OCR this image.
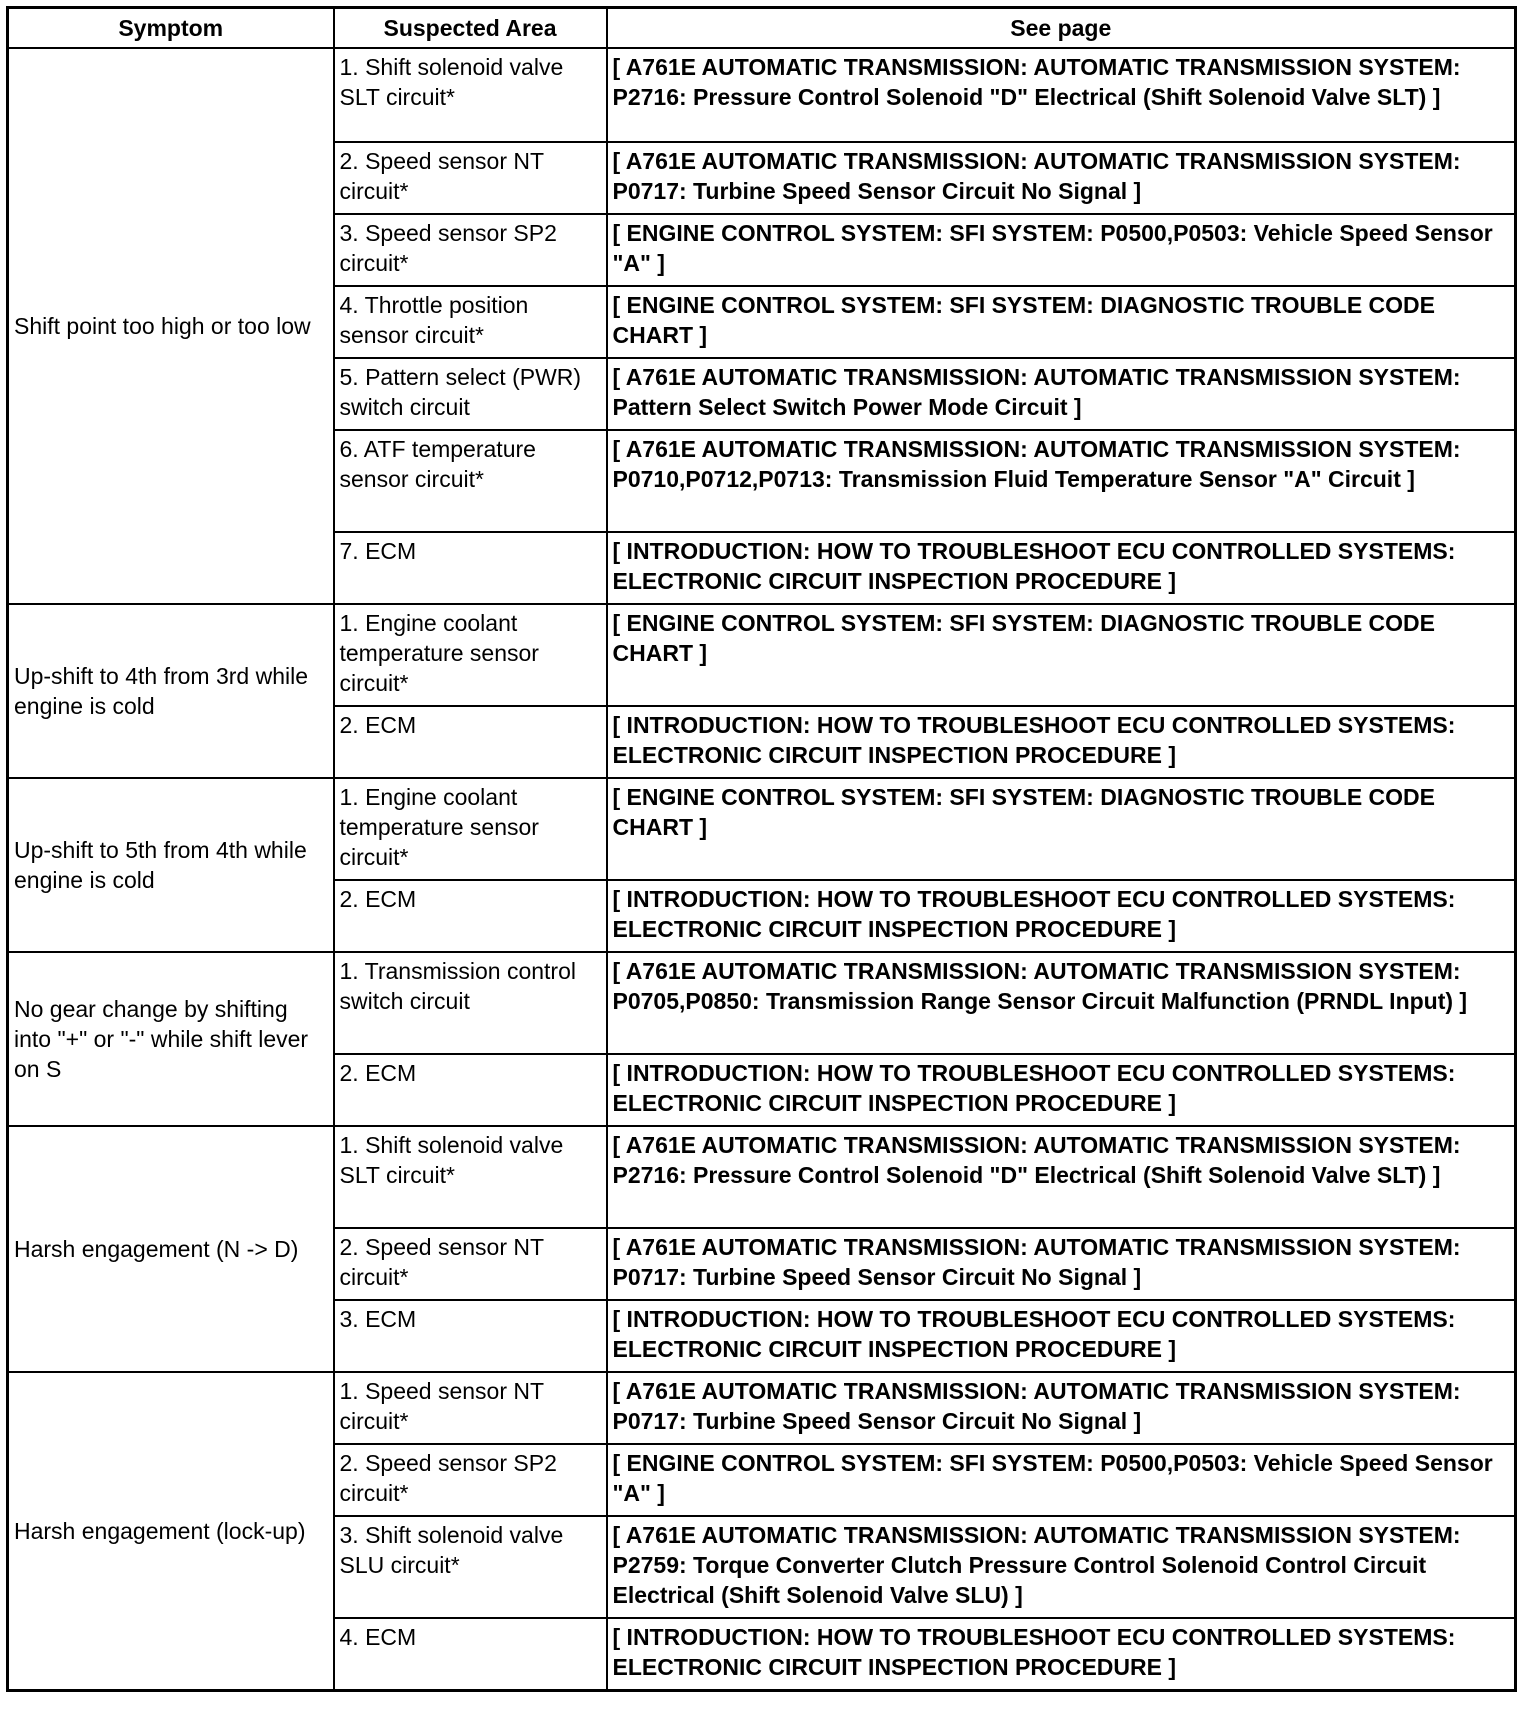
Symptom	Suspected Area	See page
Shift point too high or too low	1. Shift solenoid valve SLT circuit*	[ A761E AUTOMATIC TRANSMISSION: AUTOMATIC TRANSMISSION SYSTEM: P2716: Pressure Control Solenoid "D" Electrical (Shift Solenoid Valve SLT) ]
	2. Speed sensor NT circuit*	[ A761E AUTOMATIC TRANSMISSION: AUTOMATIC TRANSMISSION SYSTEM: P0717: Turbine Speed Sensor Circuit No Signal ]
	3. Speed sensor SP2 circuit*	[ ENGINE CONTROL SYSTEM: SFI SYSTEM: P0500,P0503: Vehicle Speed Sensor "A" ]
	4. Throttle position sensor circuit*	[ ENGINE CONTROL SYSTEM: SFI SYSTEM: DIAGNOSTIC TROUBLE CODE CHART ]
	5. Pattern select (PWR) switch circuit	[ A761E AUTOMATIC TRANSMISSION: AUTOMATIC TRANSMISSION SYSTEM: Pattern Select Switch Power Mode Circuit ]
	6. ATF temperature sensor circuit*	[ A761E AUTOMATIC TRANSMISSION: AUTOMATIC TRANSMISSION SYSTEM: P0710,P0712,P0713: Transmission Fluid Temperature Sensor "A" Circuit ]
	7. ECM	[ INTRODUCTION: HOW TO TROUBLESHOOT ECU CONTROLLED SYSTEMS: ELECTRONIC CIRCUIT INSPECTION PROCEDURE ]
Up-shift to 4th from 3rd while engine is cold	1. Engine coolant temperature sensor circuit*	[ ENGINE CONTROL SYSTEM: SFI SYSTEM: DIAGNOSTIC TROUBLE CODE CHART ]
	2. ECM	[ INTRODUCTION: HOW TO TROUBLESHOOT ECU CONTROLLED SYSTEMS: ELECTRONIC CIRCUIT INSPECTION PROCEDURE ]
Up-shift to 5th from 4th while engine is cold	1. Engine coolant temperature sensor circuit*	[ ENGINE CONTROL SYSTEM: SFI SYSTEM: DIAGNOSTIC TROUBLE CODE CHART ]
	2. ECM	[ INTRODUCTION: HOW TO TROUBLESHOOT ECU CONTROLLED SYSTEMS: ELECTRONIC CIRCUIT INSPECTION PROCEDURE ]
No gear change by shifting into "+" or "-" while shift lever on S	1. Transmission control switch circuit	[ A761E AUTOMATIC TRANSMISSION: AUTOMATIC TRANSMISSION SYSTEM: P0705,P0850: Transmission Range Sensor Circuit Malfunction (PRNDL Input) ]
	2. ECM	[ INTRODUCTION: HOW TO TROUBLESHOOT ECU CONTROLLED SYSTEMS: ELECTRONIC CIRCUIT INSPECTION PROCEDURE ]
Harsh engagement (N -> D)	1. Shift solenoid valve SLT circuit*	[ A761E AUTOMATIC TRANSMISSION: AUTOMATIC TRANSMISSION SYSTEM: P2716: Pressure Control Solenoid "D" Electrical (Shift Solenoid Valve SLT) ]
	2. Speed sensor NT circuit*	[ A761E AUTOMATIC TRANSMISSION: AUTOMATIC TRANSMISSION SYSTEM: P0717: Turbine Speed Sensor Circuit No Signal ]
	3. ECM	[ INTRODUCTION: HOW TO TROUBLESHOOT ECU CONTROLLED SYSTEMS: ELECTRONIC CIRCUIT INSPECTION PROCEDURE ]
Harsh engagement (lock-up)	1. Speed sensor NT circuit*	[ A761E AUTOMATIC TRANSMISSION: AUTOMATIC TRANSMISSION SYSTEM: P0717: Turbine Speed Sensor Circuit No Signal ]
	2. Speed sensor SP2 circuit*	[ ENGINE CONTROL SYSTEM: SFI SYSTEM: P0500,P0503: Vehicle Speed Sensor "A" ]
	3. Shift solenoid valve SLU circuit*	[ A761E AUTOMATIC TRANSMISSION: AUTOMATIC TRANSMISSION SYSTEM: P2759: Torque Converter Clutch Pressure Control Solenoid Control Circuit Electrical (Shift Solenoid Valve SLU) ]
	4. ECM	[ INTRODUCTION: HOW TO TROUBLESHOOT ECU CONTROLLED SYSTEMS: ELECTRONIC CIRCUIT INSPECTION PROCEDURE ]
